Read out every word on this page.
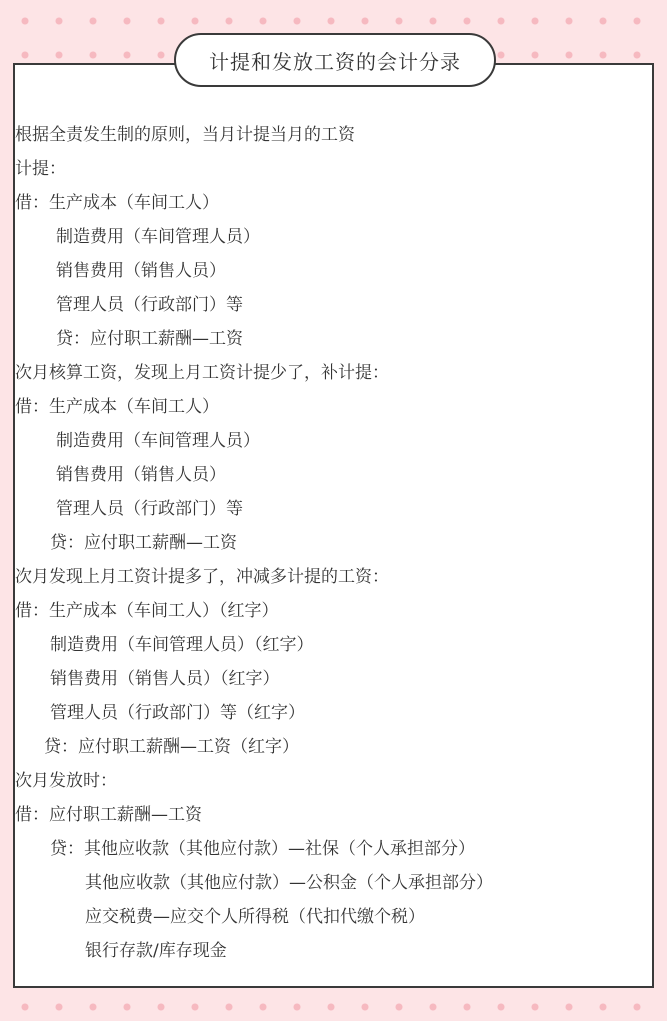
计提和发放工资的会计分录
根据全责发生制的原则，当月计提当月的工资
计提：
借：生产成本（车间工人）
制造费用（车间管理人员）
销售费用（销售人员）
管理人员（行政部门）等
贷：应付职工薪酬—工资
次月核算工资，发现上月工资计提少了，补计提：
借：生产成本（车间工人）
制造费用（车间管理人员）
销售费用（销售人员）
管理人员（行政部门）等
贷：应付职工薪酬—工资
次月发现上月工资计提多了，冲减多计提的工资：
借：生产成本（车间工人）（红字）
制造费用（车间管理人员）（红字）
销售费用（销售人员）（红字）
管理人员（行政部门）等（红字）
贷：应付职工薪酬—工资（红字）
次月发放时：
借：应付职工薪酬—工资
贷：其他应收款（其他应付款）—社保（个人承担部分）
其他应收款（其他应付款）—公积金（个人承担部分）
应交税费—应交个人所得税（代扣代缴个税）
银行存款/库存现金
